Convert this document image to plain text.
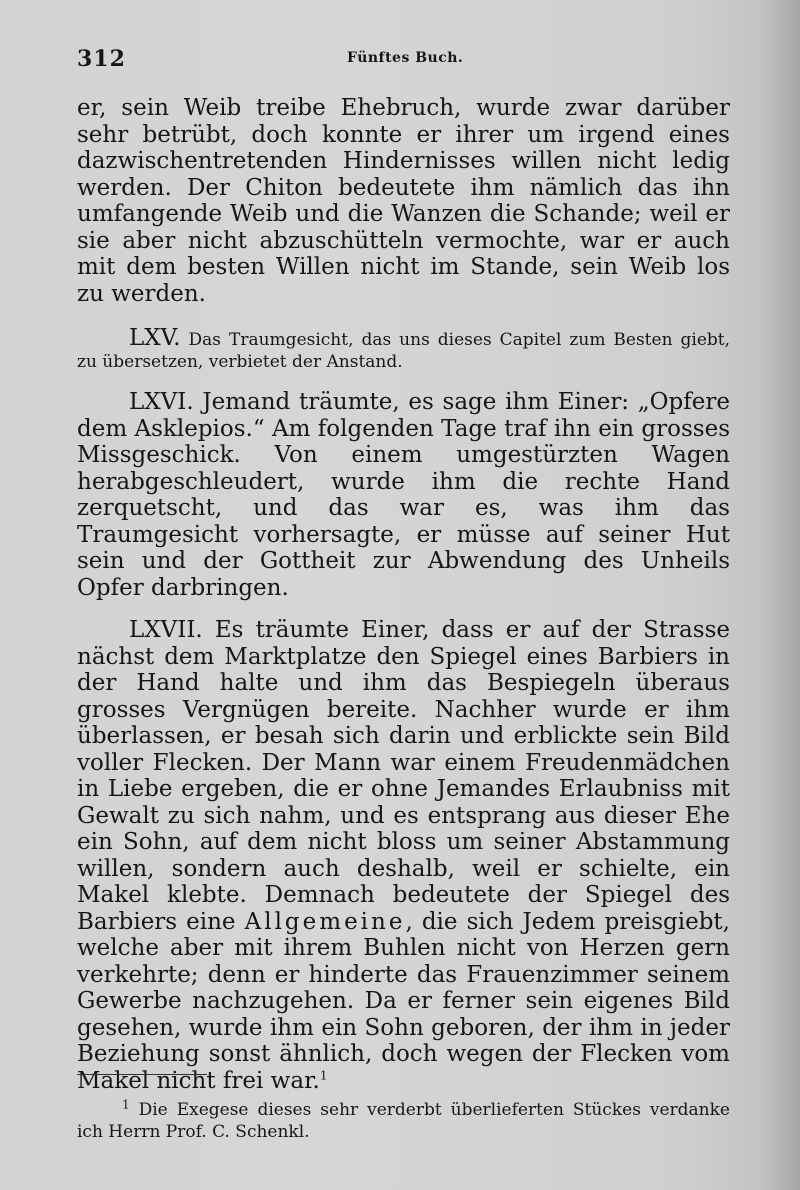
312	Fünftes Buch.

er, sein Weib treibe Ehebruch, wurde zwar darüber sehr betrübt, doch konnte er ihrer um irgend eines dazwischentretenden Hindernisses willen nicht ledig werden. Der Chiton bedeutete ihm nämlich das ihn umfangende Weib und die Wanzen die Schande; weil er sie aber nicht abzuschütteln vermochte, war er auch mit dem besten Willen nicht im Stande, sein Weib los zu werden.

LXV. Das Traumgesicht, das uns dieses Capitel zum Besten giebt, zu übersetzen, verbietet der Anstand.

LXVI. Jemand träumte, es sage ihm Einer: „Opfere dem Asklepios.“ Am folgenden Tage traf ihn ein grosses Missgeschick. Von einem umgestürzten Wagen herabgeschleudert, wurde ihm die rechte Hand zerquetscht, und das war es, was ihm das Traumgesicht vorhersagte, er müsse auf seiner Hut sein und der Gottheit zur Abwendung des Unheils Opfer darbringen.

LXVII. Es träumte Einer, dass er auf der Strasse nächst dem Marktplatze den Spiegel eines Barbiers in der Hand halte und ihm das Bespiegeln überaus grosses Vergnügen bereite. Nachher wurde er ihm überlassen, er besah sich darin und erblickte sein Bild voller Flecken. Der Mann war einem Freudenmädchen in Liebe ergeben, die er ohne Jemandes Erlaubniss mit Gewalt zu sich nahm, und es entsprang aus dieser Ehe ein Sohn, auf dem nicht bloss um seiner Abstammung willen, sondern auch deshalb, weil er schielte, ein Makel klebte. Demnach bedeutete der Spiegel des Barbiers eine Allgemeine, die sich Jedem preisgiebt, welche aber mit ihrem Buhlen nicht von Herzen gern verkehrte; denn er hinderte das Frauenzimmer seinem Gewerbe nachzugehen. Da er ferner sein eigenes Bild gesehen, wurde ihm ein Sohn geboren, der ihm in jeder Beziehung sonst ähnlich, doch wegen der Flecken vom Makel nicht frei war.$^1$

$^1$ Die Exegese dieses sehr verderbt überlieferten Stückes verdanke ich Herrn Prof. C. Schenkl.
